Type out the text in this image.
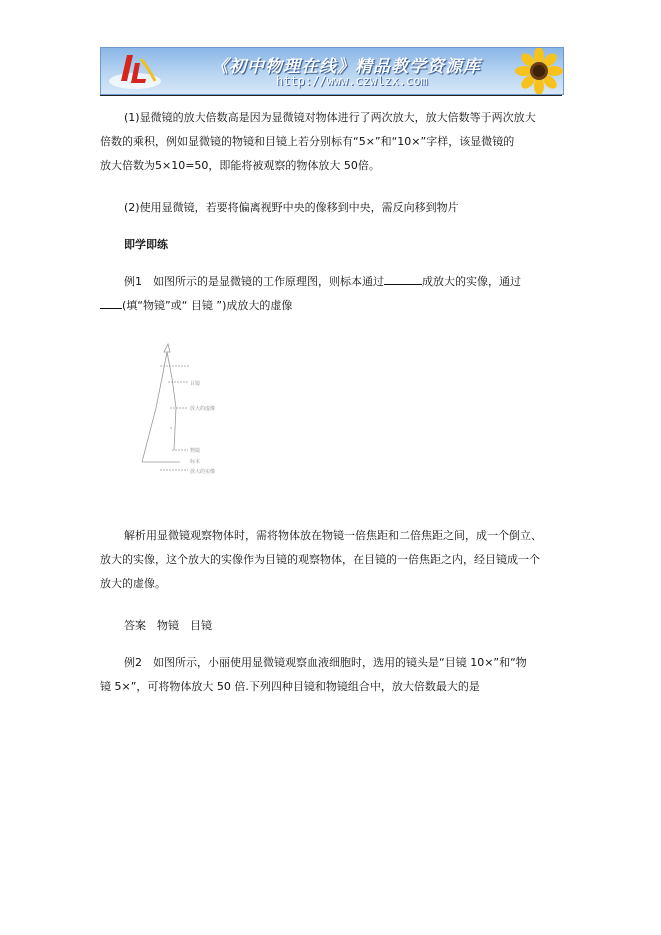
《初中物理在线》精品教学资源库
http://www.czwlzx.com
(1)显微镜的放大倍数高是因为显微镜对物体进行了两次放大，放大倍数等于两次放大
倍数的乘积，例如显微镜的物镜和目镜上若分别标有“5×”和“10×”字样，该显微镜的
放大倍数为5×10=50，即能将被观察的物体放大 50倍。
(2)使用显微镜，若要将偏离视野中央的像移到中央，需反向移到物片
即学即练
例1　如图所示的是显微镜的工作原理图，则标本通过	成放大的实像，通过
(填“物镜”或“ 目镜 ”)成放大的虚像
目镜
放大的虚像
物镜
标本
放大的实像
解析用显微镜观察物体时，需将物体放在物镜一倍焦距和二倍焦距之间，成一个倒立、
放大的实像，这个放大的实像作为目镜的观察物体，在目镜的一倍焦距之内，经目镜成一个
放大的虚像。
答案　物镜　目镜
例2　如图所示，小丽使用显微镜观察血液细胞时，选用的镜头是“目镜 10×”和“物
镜 5×”，可将物体放大 50 倍.下列四种目镜和物镜组合中，放大倍数最大的是
